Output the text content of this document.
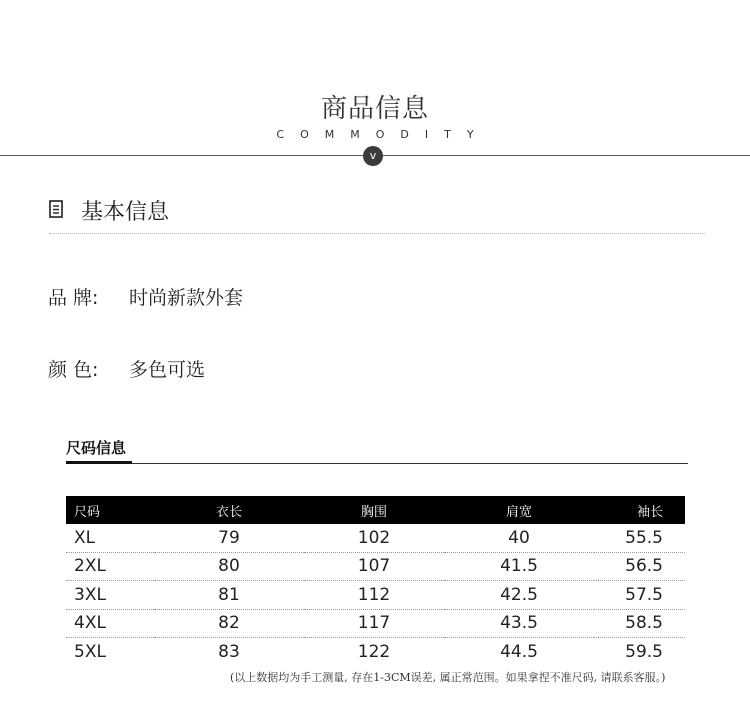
商品信息
COMMODITY
v
基本信息
品 牌: 时尚新款外套
颜 色: 多色可选
尺码信息
尺码	衣长	胸围	肩宽	袖长
XL	79	102	40	55.5
2XL	80	107	41.5	56.5
3XL	81	112	42.5	57.5
4XL	82	117	43.5	58.5
5XL	83	122	44.5	59.5
(以上数据均为手工测量, 存在1-3CM误差, 属正常范围。如果拿捏不准尺码, 请联系客服。)
